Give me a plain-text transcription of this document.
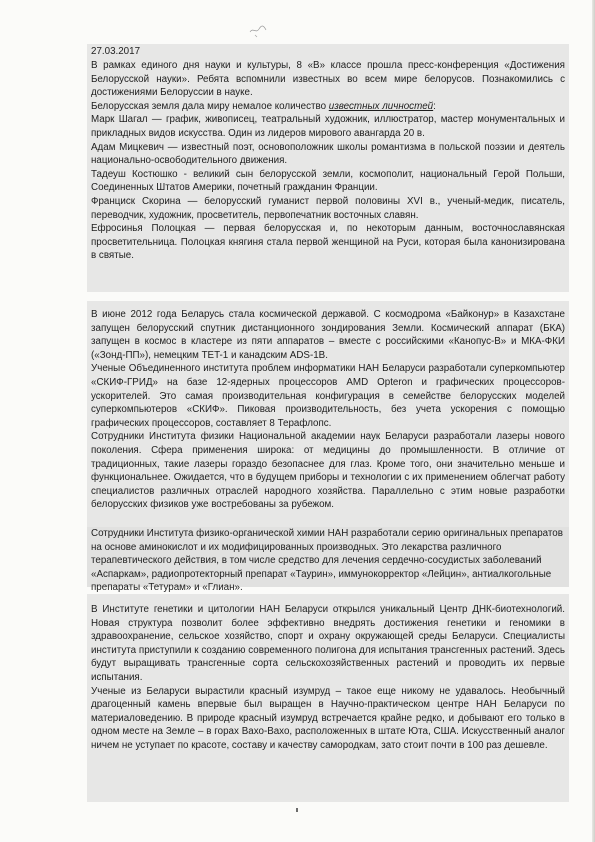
27.03.2017

В рамках единого дня науки и культуры, 8 «В» классе прошла пресс-конференция «Достижения Белорусской науки». Ребята вспомнили известных во всем мире белорусов. Познакомились с достижениями Белоруссии в науке.
Белорусская земля дала миру немалое количество известных личностей:
Марк Шагал — график, живописец, театральный художник, иллюстратор, мастер монументальных и прикладных видов искусства. Один из лидеров мирового авангарда 20 в.
Адам Мицкевич — известный поэт, основоположник школы романтизма в польской поэзии и деятель национально-освободительного движения.
Тадеуш Костюшко - великий сын белорусской земли, космополит, национальный Герой Польши, Соединенных Штатов Америки, почетный гражданин Франции.
Франциск Скорина — белорусский гуманист первой половины XVI в., ученый-медик, писатель, переводчик, художник, просветитель, первопечатник восточных славян.
Ефросинья Полоцкая — первая белорусская и, по некоторым данным, восточнославянская просветительница. Полоцкая княгиня стала первой женщиной на Руси, которая была канонизирована в святые.
В июне 2012 года Беларусь стала космической державой. С космодрома «Байконур» в Казахстане запущен белорусский спутник дистанционного зондирования Земли. Космический аппарат (БКА) запущен в космос в кластере из пяти аппаратов – вместе с российскими «Канопус-В» и МКА-ФКИ («Зонд-ПП»), немецким TET-1 и канадским ADS-1B.
Ученые Объединенного института проблем информатики НАН Беларуси разработали суперкомпьютер «СКИФ-ГРИД» на базе 12-ядерных процессоров AMD Opteron и графических процессоров-ускорителей. Это самая производительная конфигурация в семействе белорусских моделей суперкомпьютеров «СКИФ». Пиковая производительность, без учета ускорения с помощью графических процессоров, составляет 8 Терафлопс.
Сотрудники Института физики Национальной академии наук Беларуси разработали лазеры нового поколения. Сфера применения широка: от медицины до промышленности. В отличие от традиционных, такие лазеры гораздо безопаснее для глаз. Кроме того, они значительно меньше и функциональнее. Ожидается, что в будущем приборы и технологии с их применением облегчат работу специалистов различных отраслей народного хозяйства. Параллельно с этим новые разработки белорусских физиков уже востребованы за рубежом.
Сотрудники Института физико-органической химии НАН разработали серию оригинальных препаратов на основе аминокислот и их модифицированных производных. Это лекарства различного терапевтического действия, в том числе средство для лечения сердечно-сосудистых заболеваний «Аспаркам», радиопротекторный препарат «Таурин», иммунокорректор «Лейцин», антиалкогольные препараты «Тетурам» и «Глиан».
В Институте генетики и цитологии НАН Беларуси открылся уникальный Центр ДНК-биотехнологий. Новая структура позволит более эффективно внедрять достижения генетики и геномики в здравоохранение, сельское хозяйство, спорт и охрану окружающей среды Беларуси. Специалисты института приступили к созданию современного полигона для испытания трансгенных растений. Здесь будут выращивать трансгенные сорта сельскохозяйственных растений и проводить их первые испытания.
Ученые из Беларуси вырастили красный изумруд – такое еще никому не удавалось. Необычный драгоценный камень впервые был выращен в Научно-практическом центре НАН Беларуси по материаловедению. В природе красный изумруд встречается крайне редко, и добывают его только в одном месте на Земле – в горах Вахо-Вахо, расположенных в штате Юта, США. Искусственный аналог ничем не уступает по красоте, составу и качеству самородкам, зато стоит почти в 100 раз дешевле.
